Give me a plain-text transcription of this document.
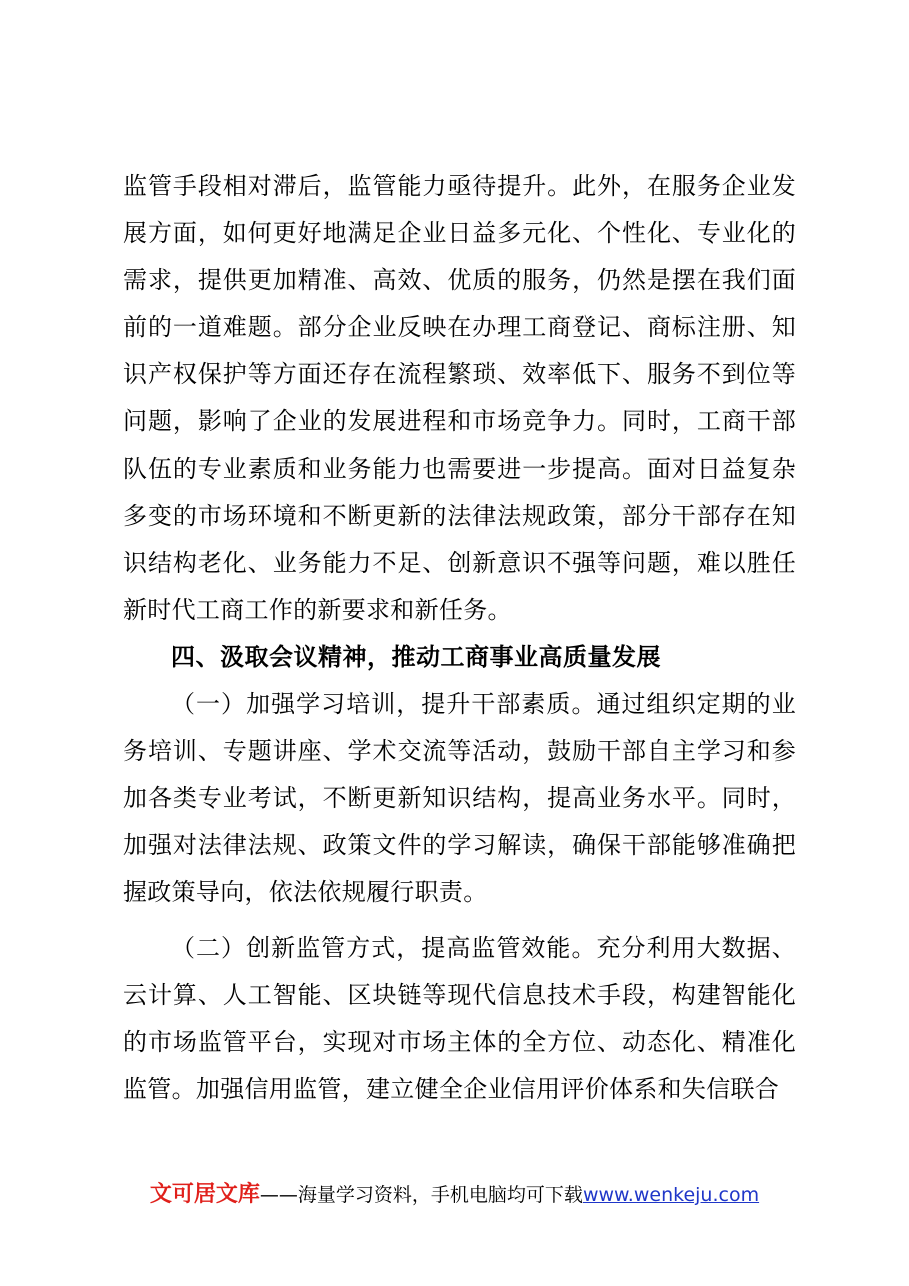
监管手段相对滞后，监管能力亟待提升。此外，在服务企业发展方面，如何更好地满足企业日益多元化、个性化、专业化的需求，提供更加精准、高效、优质的服务，仍然是摆在我们面前的一道难题。部分企业反映在办理工商登记、商标注册、知识产权保护等方面还存在流程繁琐、效率低下、服务不到位等问题，影响了企业的发展进程和市场竞争力。同时，工商干部队伍的专业素质和业务能力也需要进一步提高。面对日益复杂多变的市场环境和不断更新的法律法规政策，部分干部存在知识结构老化、业务能力不足、创新意识不强等问题，难以胜任新时代工商工作的新要求和新任务。

四、汲取会议精神，推动工商事业高质量发展

（一）加强学习培训，提升干部素质。通过组织定期的业务培训、专题讲座、学术交流等活动，鼓励干部自主学习和参加各类专业考试，不断更新知识结构，提高业务水平。同时，加强对法律法规、政策文件的学习解读，确保干部能够准确把握政策导向，依法依规履行职责。

（二）创新监管方式，提高监管效能。充分利用大数据、云计算、人工智能、区块链等现代信息技术手段，构建智能化的市场监管平台，实现对市场主体的全方位、动态化、精准化监管。加强信用监管，建立健全企业信用评价体系和失信联合

文可居文库——海量学习资料，手机电脑均可下载www.wenkeju.com
